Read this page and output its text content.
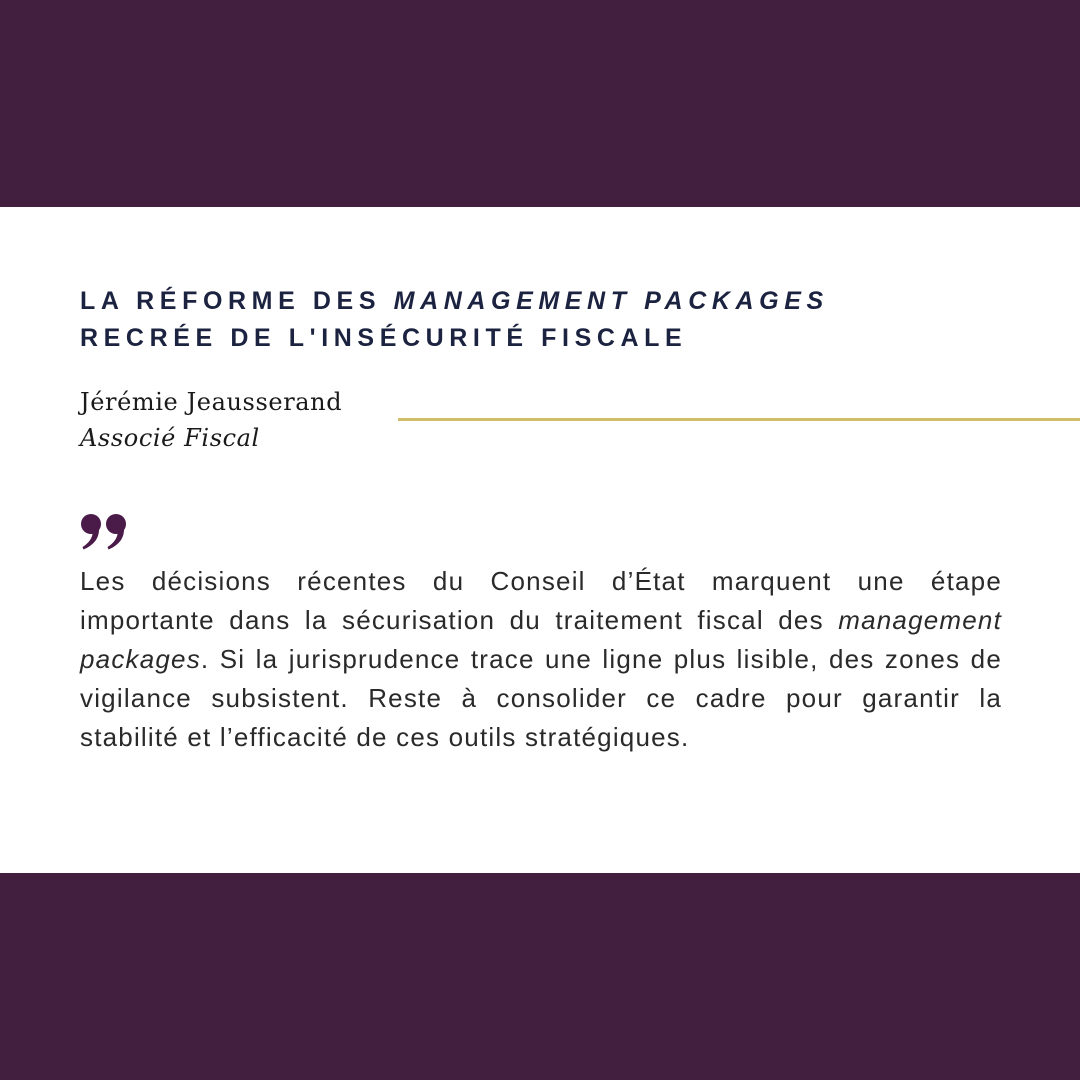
LA RÉFORME DES MANAGEMENT PACKAGES
RECRÉE DE L'INSÉCURITÉ FISCALE
Jérémie Jeausserand
Associé Fiscal

Les décisions récentes du Conseil d’État marquent une étape importante dans la sécurisation du traitement fiscal des management packages. Si la jurisprudence trace une ligne plus lisible, des zones de vigilance subsistent. Reste à consolider ce cadre pour garantir la stabilité et l’efficacité de ces outils stratégiques.
